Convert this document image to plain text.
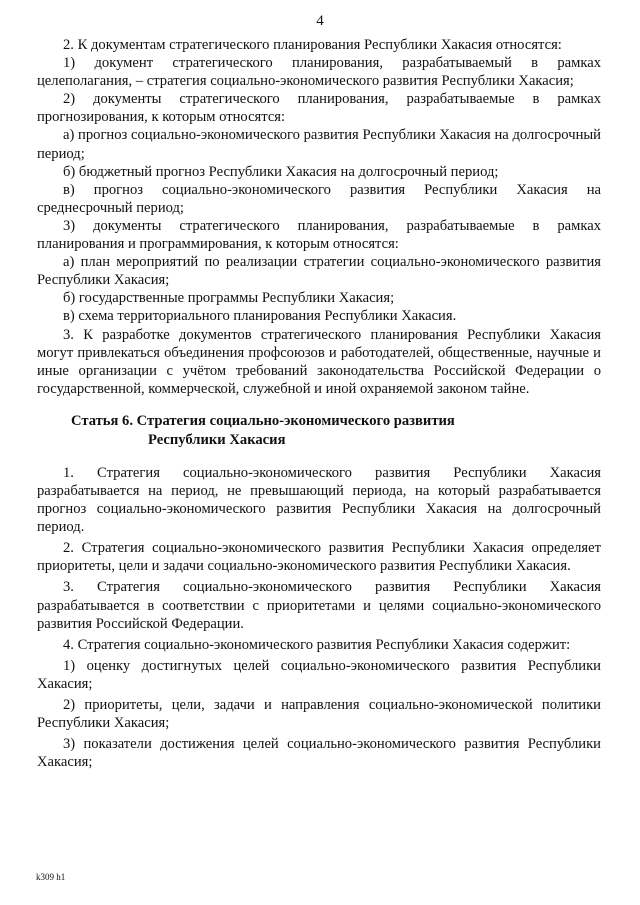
4

2. К документам стратегического планирования Республики Хакасия относятся:

1) документ стратегического планирования, разрабатываемый в рамках целеполагания, – стратегия социально-экономического развития Республики Хакасия;

2) документы стратегического планирования, разрабатываемые в рамках прогнозирования, к которым относятся:

а) прогноз социально-экономического развития Республики Хакасия на долгосрочный период;

б) бюджетный прогноз Республики Хакасия на долгосрочный период;

в) прогноз социально-экономического развития Республики Хакасия на среднесрочный период;

3) документы стратегического планирования, разрабатываемые в рамках планирования и программирования, к которым относятся:

а) план мероприятий по реализации стратегии социально-экономического развития Республики Хакасия;

б) государственные программы Республики Хакасия;

в) схема территориального планирования Республики Хакасия.

3. К разработке документов стратегического планирования Республики Хакасия могут привлекаться объединения профсоюзов и работодателей, общественные, научные и иные организации с учётом требований законодательства Российской Федерации о государственной, коммерческой, служебной и иной охраняемой законом тайне.

Статья 6. Стратегия социально-экономического развития
Республики Хакасия

1. Стратегия социально-экономического развития Республики Хакасия разрабатывается на период, не превышающий периода, на который разрабатывается прогноз социально-экономического развития Республики Хакасия на долгосрочный период.

2. Стратегия социально-экономического развития Республики Хакасия определяет приоритеты, цели и задачи социально-экономического развития Республики Хакасия.

3. Стратегия социально-экономического развития Республики Хакасия разрабатывается в соответствии с приоритетами и целями социально-экономического развития Российской Федерации.

4. Стратегия социально-экономического развития Республики Хакасия содержит:

1) оценку достигнутых целей социально-экономического развития Республики Хакасия;

2) приоритеты, цели, задачи и направления социально-экономической политики Республики Хакасия;

3) показатели достижения целей социально-экономического развития Республики Хакасия;

k309 h1
